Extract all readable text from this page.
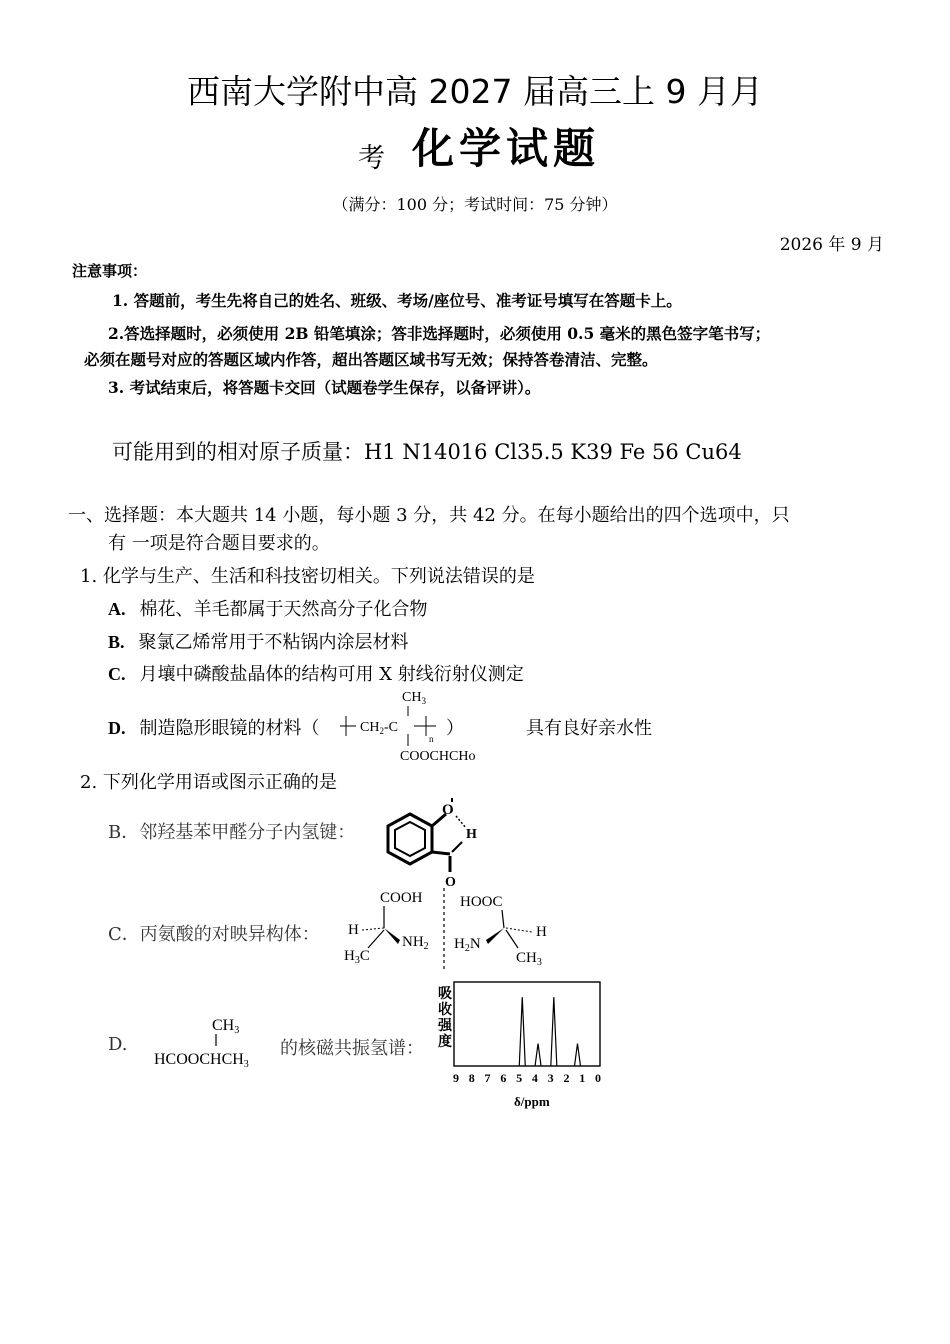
西南大学附中高 2027 届高三上 9 月月
考 化学试题
（满分：100 分；考试时间：75 分钟）
2026 年 9 月
注意事项：
1. 答题前，考生先将自己的姓名、班级、考场/座位号、准考证号填写在答题卡上。
2.答选择题时，必须使用 2B 铅笔填涂；答非选择题时，必须使用 0.5 毫米的黑色签字笔书写；
必须在题号对应的答题区域内作答，超出答题区域书写无效；保持答卷清洁、完整。
3. 考试结束后，将答题卡交回（试题卷学生保存，以备评讲）。
可能用到的相对原子质量：H1 N14016 Cl35.5 K39 Fe 56 Cu64
一、选择题：本大题共 14 小题，每小题 3 分，共 42 分。在每小题给出的四个选项中，只
有 一项是符合题目要求的。
1. 化学与生产、生活和科技密切相关。下列说法错误的是
A. 棉花、羊毛都属于天然高分子化合物
B. 聚氯乙烯常用于不粘锅内涂层材料
C. 月壤中磷酸盐晶体的结构可用 X 射线衍射仪测定
D. 制造隐形眼镜的材料（
$CH_3$
$CH_2-C$
n
COOCHCHo
）	具有良好亲水性
2. 下列化学用语或图示正确的是
B．邻羟基苯甲醛分子内氢键：
O
H
O
C．丙氨酸的对映异构体：
COOH
H
$NH_2$
$H_3C$
HOOC
H
$H_2N$
$CH_3$
D.
CH3
HCOOCHCH3
的核磁共振氢谱：
吸收强度
9 8 7 6 5 4 3 2 1 0
δ/ppm
